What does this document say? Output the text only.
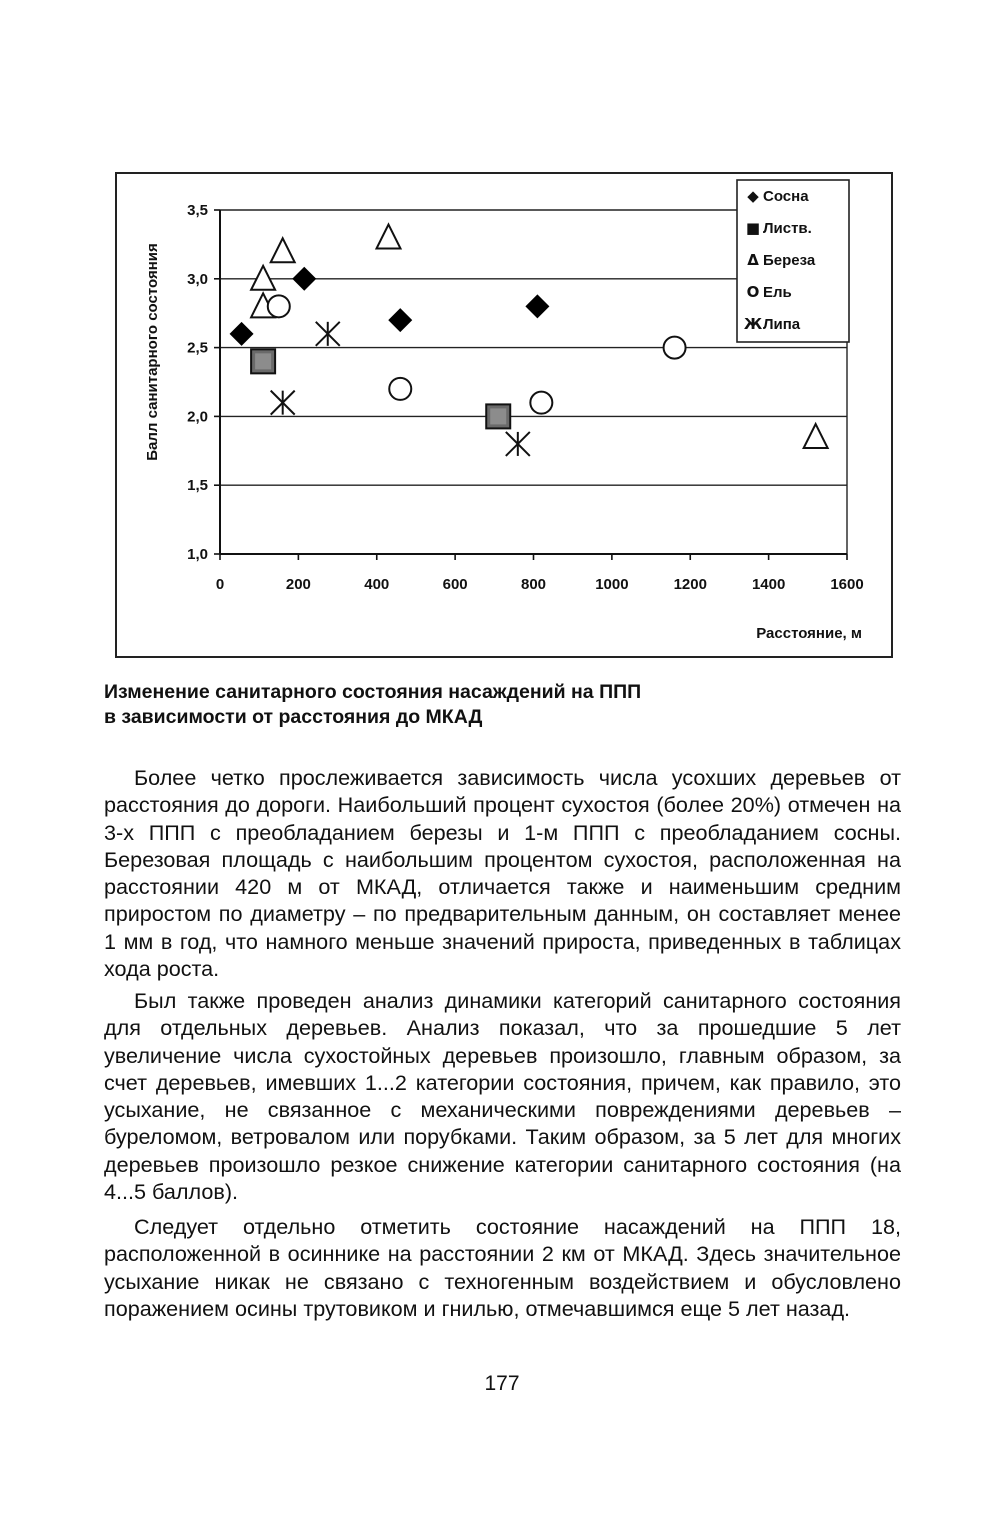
1,0
1,5
2,0
2,5
3,0
3,5
0	200	400	600	800	1000	1200	1400	1600
◆ Сосна
■ Листв.
Δ Береза
O Ель
Ж Липа
Балл санитарного состояния
Расстояние, м
Изменение санитарного состояния насаждений на ППП
в зависимости от расстояния до МКАД

Более четко прослеживается зависимость числа усохших деревьев от расстояния до дороги. Наибольший процент сухостоя (более 20%) отмечен на 3-х ППП с преобладанием березы и 1-м ППП с преобладанием сосны. Березовая площадь с наибольшим процентом сухостоя, расположенная на расстоянии 420 м от МКАД, отличается также и наименьшим средним приростом по диаметру – по предварительным данным, он составляет менее 1 мм в год, что намного меньше значений прироста, приведенных в таблицах хода роста.

Был также проведен анализ динамики категорий санитарного состояния для отдельных деревьев. Анализ показал, что за прошедшие 5 лет увеличение числа сухостойных деревьев произошло, главным образом, за счет деревьев, имевших 1...2 категории состояния, причем, как правило, это усыхание, не связанное с механическими повреждениями деревьев – буреломом, ветровалом или порубками. Таким образом, за 5 лет для многих деревьев произошло резкое снижение категории санитарного состояния (на 4...5 баллов).

Следует отдельно отметить состояние насаждений на ППП 18, расположенной в осиннике на расстоянии 2 км от МКАД. Здесь значительное усыхание никак не связано с техногенным воздействием и обусловлено поражением осины трутовиком и гнилью, отмечавшимся еще 5 лет назад.

177
